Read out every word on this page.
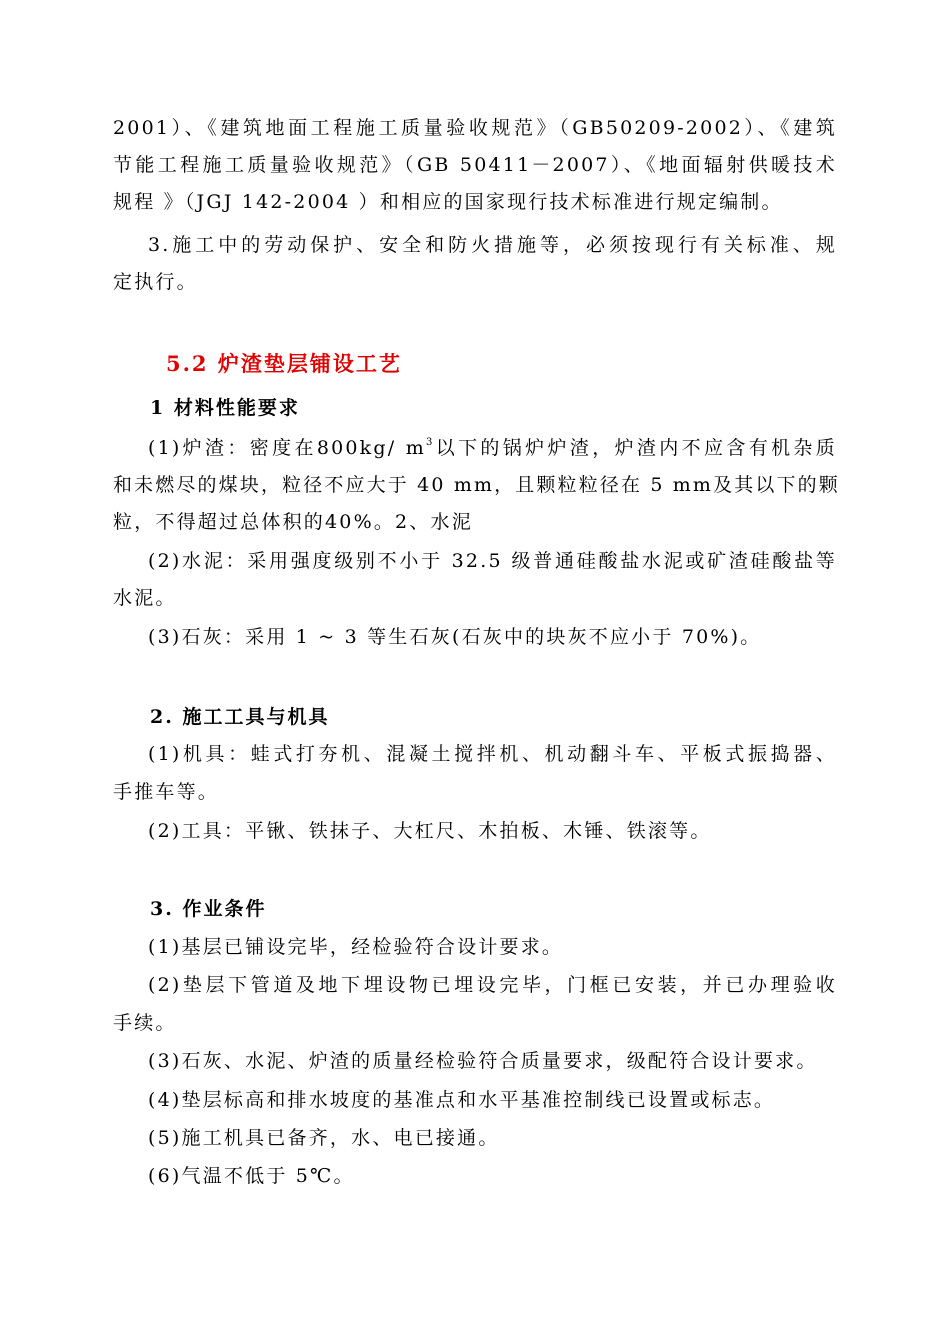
2001）、《建筑地面工程施工质量验收规范》（GB50209-2002）、《建筑
节能工程施工质量验收规范》（GB 50411－2007）、《地面辐射供暖技术
规程 》（JGJ 142-2004 ）和相应的国家现行技术标准进行规定编制。
3.施工中的劳动保护、安全和防火措施等，必须按现行有关标准、规
定执行。
5.2 炉渣垫层铺设工艺
1 材料性能要求
(1)炉渣：密度在800kg/ $m^3$以下的锅炉炉渣，炉渣内不应含有机杂质
和未燃尽的煤块，粒径不应大于 40 mm，且颗粒粒径在 5 mm及其以下的颗
粒，不得超过总体积的40%。2、水泥
(2)水泥：采用强度级别不小于 32.5 级普通硅酸盐水泥或矿渣硅酸盐等
水泥。
(3)石灰：采用 1 ~ 3 等生石灰(石灰中的块灰不应小于 70%)。
2. 施工工具与机具
(1)机具：蛙式打夯机、混凝土搅拌机、机动翻斗车、平板式振捣器、
手推车等。
(2)工具：平锹、铁抹子、大杠尺、木拍板、木锤、铁滚等。
3. 作业条件
(1)基层已铺设完毕，经检验符合设计要求。
(2)垫层下管道及地下埋设物已埋设完毕，门框已安装，并已办理验收
手续。
(3)石灰、水泥、炉渣的质量经检验符合质量要求，级配符合设计要求。
(4)垫层标高和排水坡度的基准点和水平基准控制线已设置或标志。
(5)施工机具已备齐，水、电已接通。
(6)气温不低于 5℃。
